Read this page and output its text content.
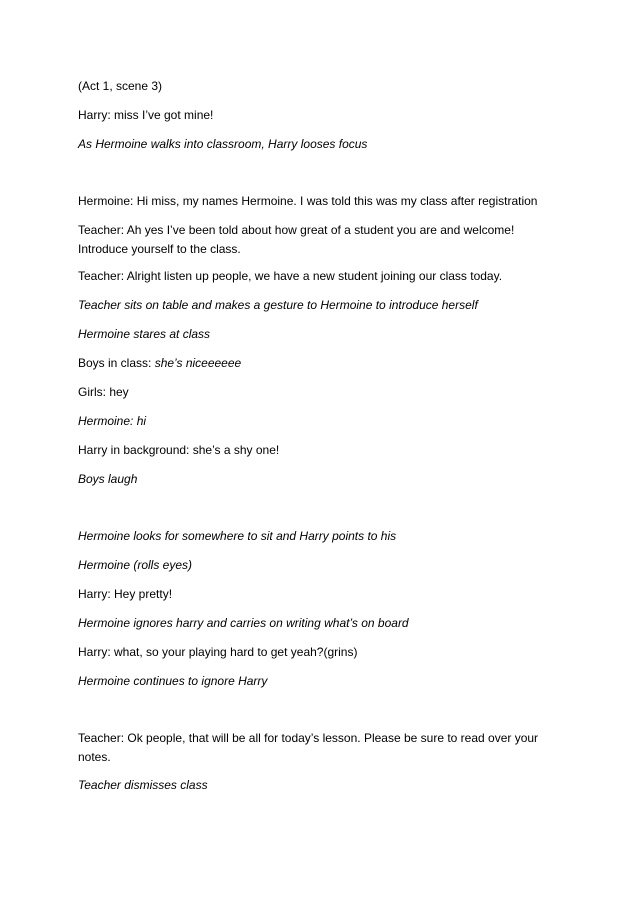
(Act 1, scene 3)
Harry: miss I’ve got mine!
As Hermoine walks into classroom, Harry looses focus
Hermoine: Hi miss, my names Hermoine. I was told this was my class after registration
Teacher: Ah yes I’ve been told about how great of a student you are and welcome! Introduce yourself to the class.
Teacher: Alright listen up people, we have a new student joining our class today.
Teacher sits on table and makes a gesture to Hermoine to introduce herself
Hermoine stares at class
Boys in class: she’s niceeeeee
Girls: hey
Hermoine: hi
Harry in background: she’s a shy one!
Boys laugh
Hermoine looks for somewhere to sit and Harry points to his
Hermoine (rolls eyes)
Harry: Hey pretty!
Hermoine ignores harry and carries on writing what’s on board
Harry: what, so your playing hard to get yeah?(grins)
Hermoine continues to ignore Harry
Teacher: Ok people, that will be all for today’s lesson. Please be sure to read over your notes.
Teacher dismisses class
